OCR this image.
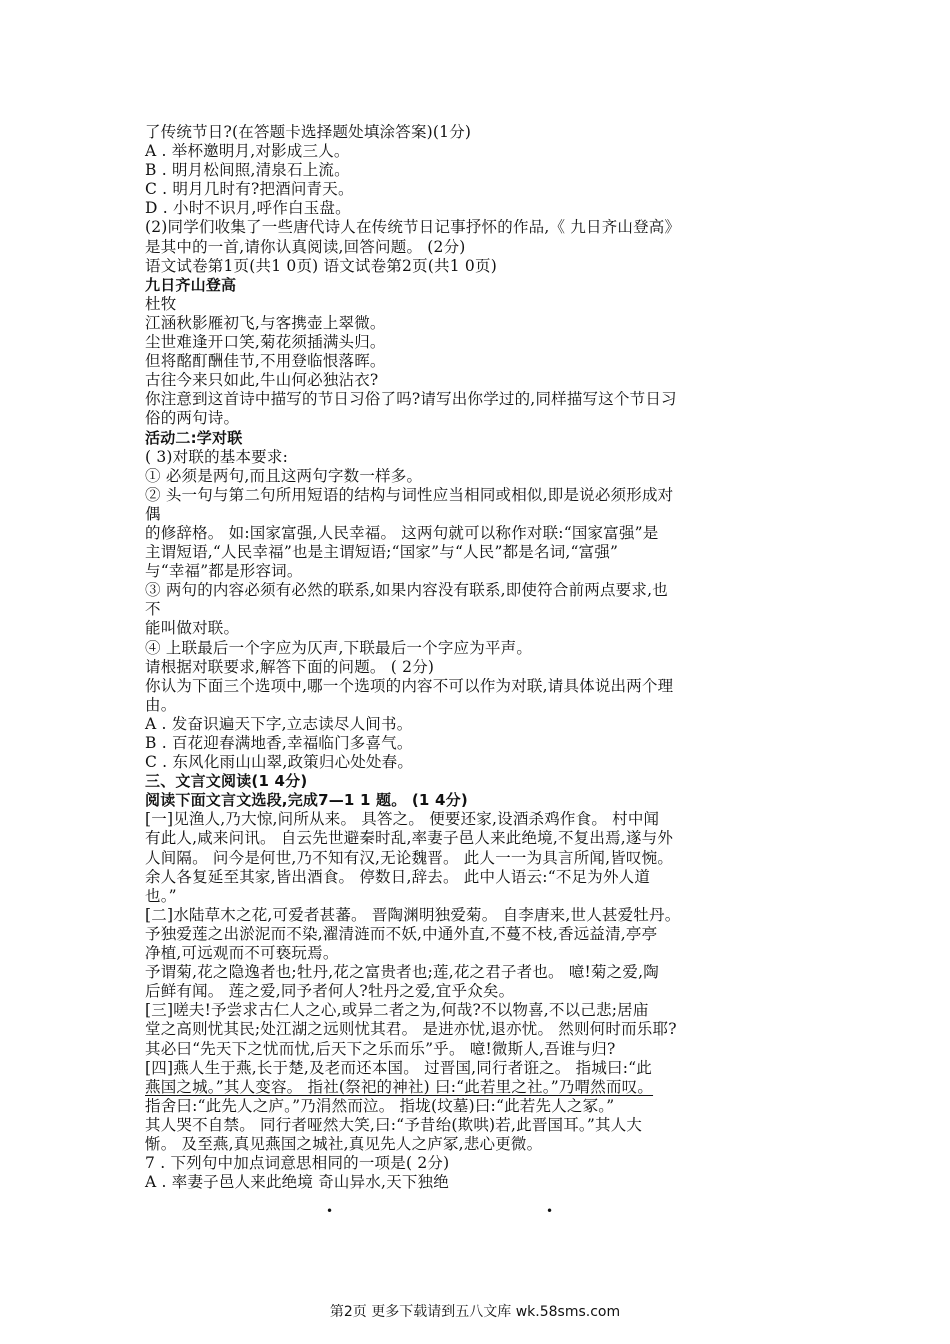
了传统节日?(在答题卡选择题处填涂答案)(1分)
A . 举杯邀明月,对影成三人。
B . 明月松间照,清泉石上流。
C . 明月几时有?把酒问青天。
D . 小时不识月,呼作白玉盘。
(2)同学们收集了一些唐代诗人在传统节日记事抒怀的作品,《 九日齐山登高》
是其中的一首,请你认真阅读,回答问题。 (2分)
语文试卷第1页(共1 0页) 语文试卷第2页(共1 0页)
九日齐山登高
杜牧
江涵秋影雁初飞,与客携壶上翠微。
尘世难逢开口笑,菊花须插满头归。
但将酩酊酬佳节,不用登临恨落晖。
古往今来只如此,牛山何必独沾衣?
你注意到这首诗中描写的节日习俗了吗?请写出你学过的,同样描写这个节日习
俗的两句诗。
活动二:学对联
( 3)对联的基本要求:
① 必须是两句,而且这两句字数一样多。
② 头一句与第二句所用短语的结构与词性应当相同或相似,即是说必须形成对
偶
的修辞格。 如:国家富强,人民幸福。 这两句就可以称作对联:“国家富强”是
主谓短语,“人民幸福”也是主谓短语;“国家”与“人民”都是名词,“富强”
与“幸福”都是形容词。
③ 两句的内容必须有必然的联系,如果内容没有联系,即使符合前两点要求,也
不
能叫做对联。
④ 上联最后一个字应为仄声,下联最后一个字应为平声。
请根据对联要求,解答下面的问题。 ( 2分)
你认为下面三个选项中,哪一个选项的内容不可以作为对联,请具体说出两个理
由。
A . 发奋识遍天下字,立志读尽人间书。
B . 百花迎春满地香,幸福临门多喜气。
C . 东风化雨山山翠,政策归心处处春。
三、文言文阅读(1 4分)
阅读下面文言文选段,完成7—1 1 题。 (1 4分)
[一]见渔人,乃大惊,问所从来。 具答之。 便要还家,设酒杀鸡作食。 村中闻
有此人,咸来问讯。 自云先世避秦时乱,率妻子邑人来此绝境,不复出焉,遂与外
人间隔。 问今是何世,乃不知有汉,无论魏晋。 此人一一为具言所闻,皆叹惋。
余人各复延至其家,皆出酒食。 停数日,辞去。 此中人语云:“不足为外人道
也。”
[二]水陆草木之花,可爱者甚蕃。 晋陶渊明独爱菊。 自李唐来,世人甚爱牡丹。
予独爱莲之出淤泥而不染,濯清涟而不妖,中通外直,不蔓不枝,香远益清,亭亭
净植,可远观而不可亵玩焉。
予谓菊,花之隐逸者也;牡丹,花之富贵者也;莲,花之君子者也。 噫!菊之爱,陶
后鲜有闻。 莲之爱,同予者何人?牡丹之爱,宜乎众矣。
[三]嗟夫!予尝求古仁人之心,或异二者之为,何哉?不以物喜,不以己悲;居庙
堂之高则忧其民;处江湖之远则忧其君。 是进亦忧,退亦忧。 然则何时而乐耶?
其必曰“先天下之忧而忧,后天下之乐而乐”乎。 噫!微斯人,吾谁与归?
[四]燕人生于燕,长于楚,及老而还本国。 过晋国,同行者诳之。 指城曰:“此
燕国之城。”其人变容。 指社(祭祀的神社) 曰:“此若里之社。”乃喟然而叹。
指舍曰:“此先人之庐。”乃涓然而泣。 指垅(坟墓)曰:“此若先人之冢。”
其人哭不自禁。 同行者哑然大笑,曰:“予昔绐(欺哄)若,此晋国耳。”其人大
惭。 及至燕,真见燕国之城社,真见先人之庐冢,悲心更微。
7 . 下列句中加点词意思相同的一项是( 2分)
A . 率妻子邑人来此绝境 奇山异水,天下独绝
•	•
第2页 更多下载请到五八文库 wk.58sms.com
